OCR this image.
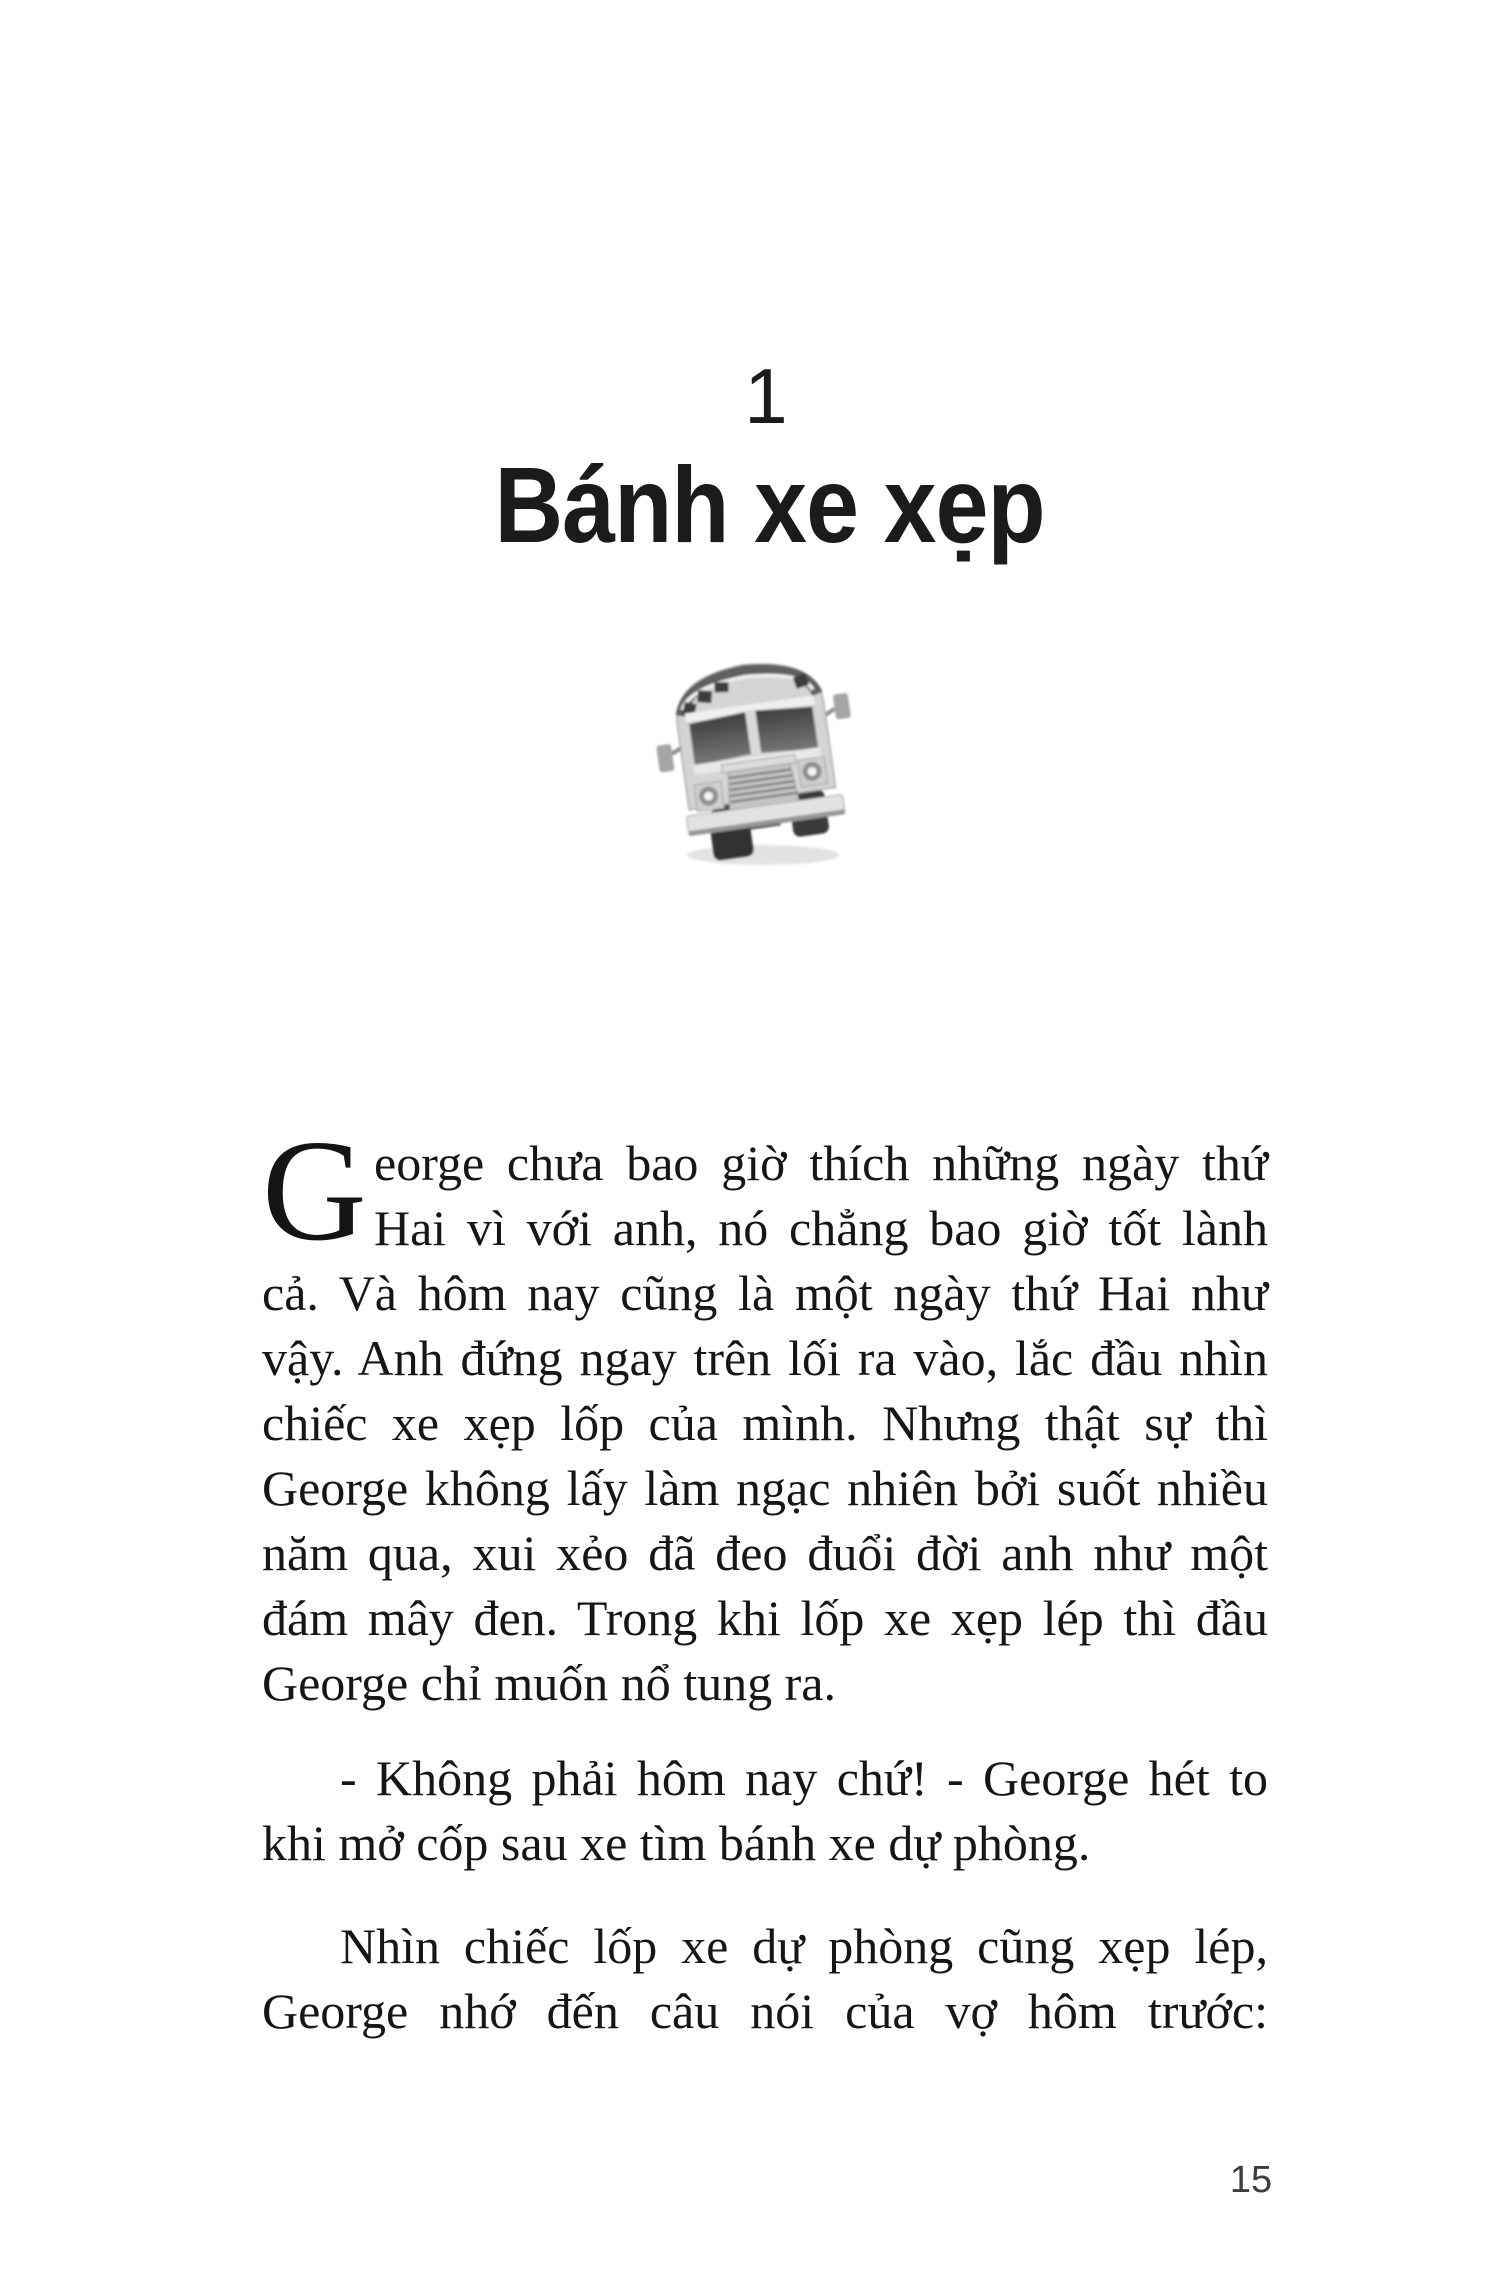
1
Bánh xe xẹp
G eorge chưa bao giờ thích những ngày thứ
Hai vì với anh, nó chẳng bao giờ tốt lành
cả. Và hôm nay cũng là một ngày thứ Hai như
vậy. Anh đứng ngay trên lối ra vào, lắc đầu nhìn
chiếc xe xẹp lốp của mình. Nhưng thật sự thì
George không lấy làm ngạc nhiên bởi suốt nhiều
năm qua, xui xẻo đã đeo đuổi đời anh như một
đám mây đen. Trong khi lốp xe xẹp lép thì đầu
George chỉ muốn nổ tung ra.
- Không phải hôm nay chứ! - George hét to
khi mở cốp sau xe tìm bánh xe dự phòng.
Nhìn chiếc lốp xe dự phòng cũng xẹp lép,
George nhớ đến câu nói của vợ hôm trước:
15
